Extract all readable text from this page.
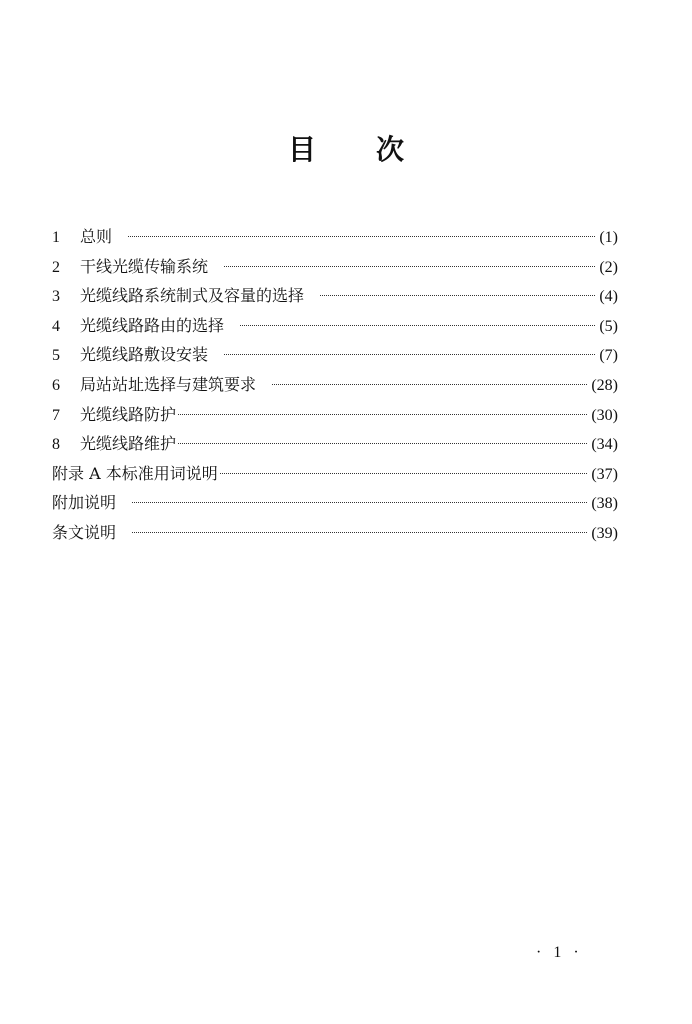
目 次
1	总则	(1)
2	干线光缆传输系统	(2)
3	光缆线路系统制式及容量的选择	(4)
4	光缆线路路由的选择	(5)
5	光缆线路敷设安装	(7)
6	局站站址选择与建筑要求	(28)
7	光缆线路防护	(30)
8	光缆线路维护	(34)
附录 A 本标准用词说明	(37)
附加说明	(38)
条文说明	(39)
· 1 ·
